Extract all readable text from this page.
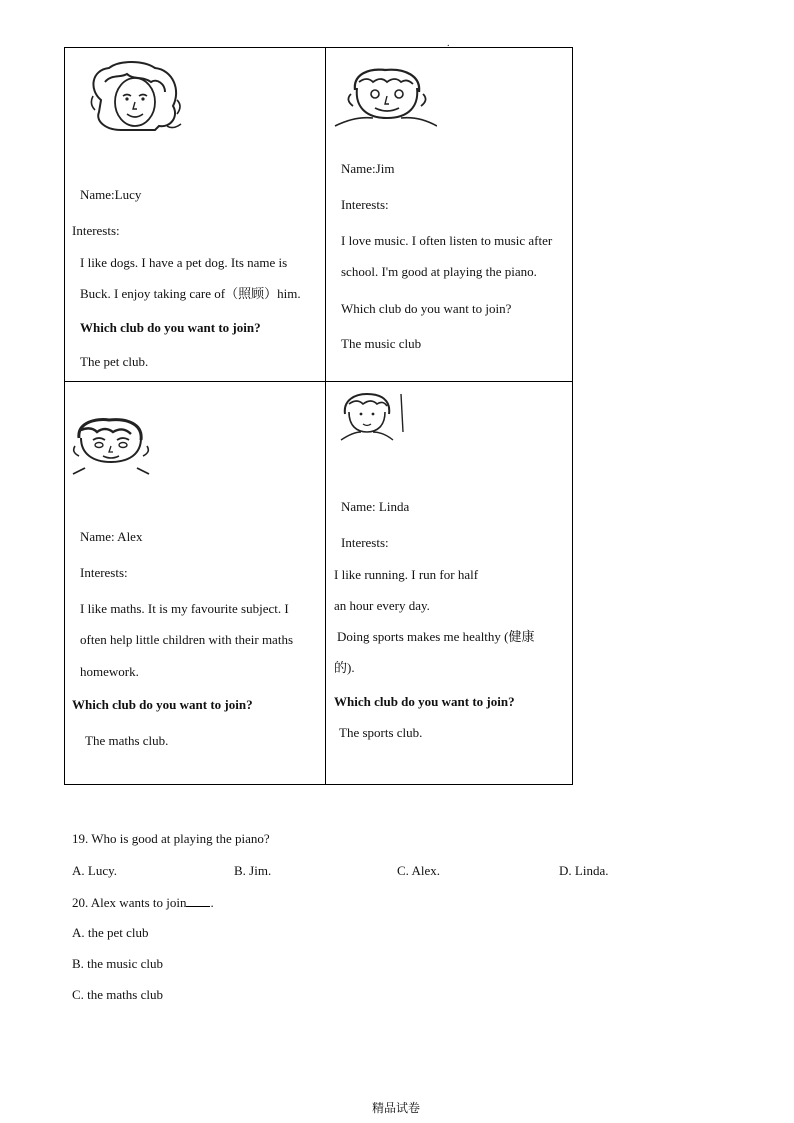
.
Name:Lucy
Interests:
I like dogs. I have a pet dog. Its name is
Buck. I enjoy taking care of（照顾）him.
Which club do you want to join?
The pet club.
Name:Jim
Interests:
I love music. I often listen to music after
school. I'm good at playing the piano.
Which club do you want to join?
The music club
Name: Alex
Interests:
I like maths. It is my favourite subject. I
often help little children with their maths
homework.
Which club do you want to join?
The maths club.
Name: Linda
Interests:
I like running. I run for half
an hour every day.
Doing sports makes me healthy (健康
的).
Which club do you want to join?
The sports club.
19. Who is good at playing the piano?
A. Lucy.	B. Jim.	C. Alex.	D. Linda.
20. Alex wants to join .
A. the pet club
B. the music club
C. the maths club
精品试卷
